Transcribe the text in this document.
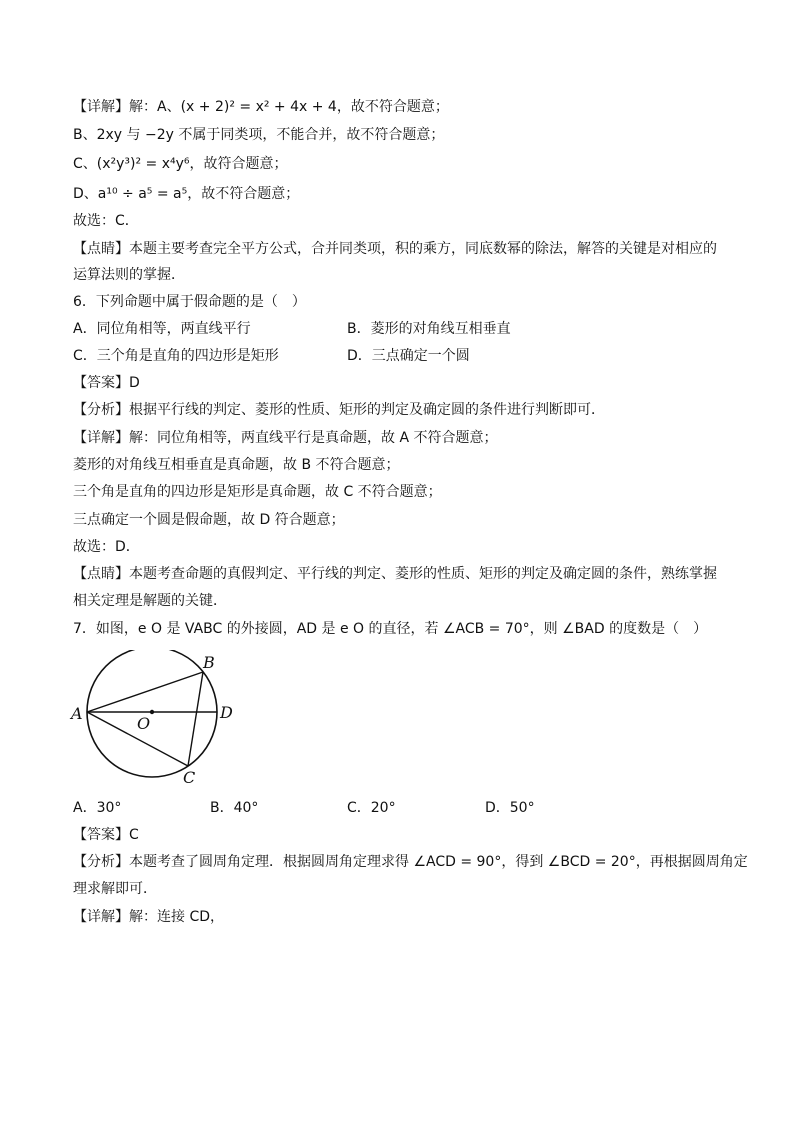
【详解】解：A、(x + 2)² = x² + 4x + 4，故不符合题意；
B、2xy 与 −2y 不属于同类项，不能合并，故不符合题意；
C、(x²y³)² = x⁴y⁶，故符合题意；
D、a¹⁰ ÷ a⁵ = a⁵，故不符合题意；
故选：C．
【点睛】本题主要考查完全平方公式，合并同类项，积的乘方，同底数幂的除法，解答的关键是对相应的
运算法则的掌握．
6．下列命题中属于假命题的是（　）
A．同位角相等，两直线平行	B．菱形的对角线互相垂直
C．三个角是直角的四边形是矩形	D．三点确定一个圆
【答案】D
【分析】根据平行线的判定、菱形的性质、矩形的判定及确定圆的条件进行判断即可．
【详解】解：同位角相等，两直线平行是真命题，故 A 不符合题意；
菱形的对角线互相垂直是真命题，故 B 不符合题意；
三个角是直角的四边形是矩形是真命题，故 C 不符合题意；
三点确定一个圆是假命题，故 D 符合题意；
故选：D．
【点睛】本题考查命题的真假判定、平行线的判定、菱形的性质、矩形的判定及确定圆的条件，熟练掌握
相关定理是解题的关键．
7．如图，e O 是 VABC 的外接圆，AD 是 e O 的直径，若 ∠ACB = 70°，则 ∠BAD 的度数是（　）
A
B
C
D
O
A．30°	B．40°	C．20°	D．50°
【答案】C
【分析】本题考查了圆周角定理．根据圆周角定理求得 ∠ACD = 90°，得到 ∠BCD = 20°，再根据圆周角定
理求解即可．
【详解】解：连接 CD，
